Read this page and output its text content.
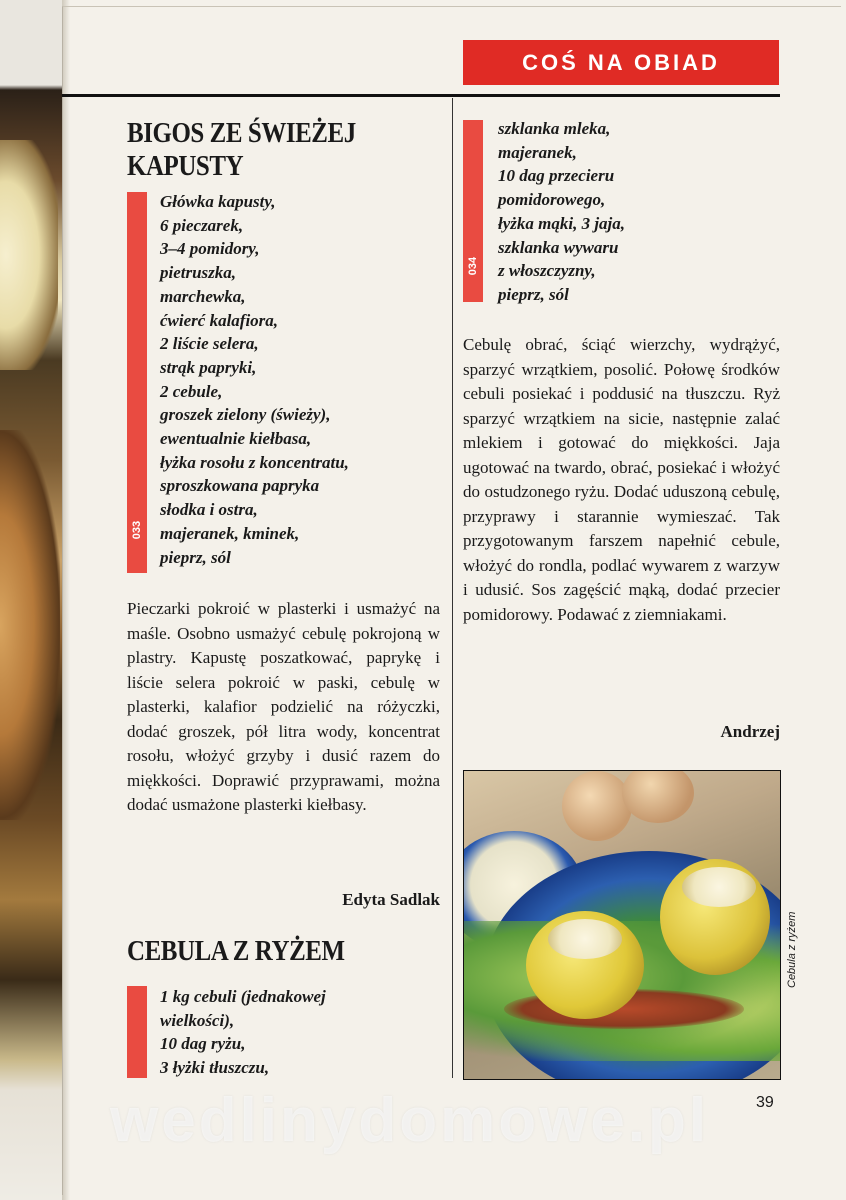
COŚ NA OBIAD
BIGOS ZE ŚWIEŻEJ
KAPUSTY
033
Główka kapusty,
6 pieczarek,
3–4 pomidory,
pietruszka,
marchewka,
ćwierć kalafiora,
2 liście selera,
strąk papryki,
2 cebule,
groszek zielony (świeży),
ewentualnie kiełbasa,
łyżka rosołu z koncentratu,
sproszkowana papryka
słodka i ostra,
majeranek, kminek,
pieprz, sól

Pieczarki pokroić w plasterki i usmażyć na maśle. Osobno usmażyć cebulę pokrojoną w plastry. Kapustę poszatkować, paprykę i liście selera pokroić w paski, cebulę w plasterki, kalafior podzielić na różyczki, dodać groszek, pół litra wody, koncentrat rosołu, włożyć grzyby i dusić razem do miękkości. Doprawić przyprawami, można dodać usmażone plasterki kiełbasy.

Edyta Sadlak
CEBULA Z RYŻEM
1 kg cebuli (jednakowej
wielkości),
10 dag ryżu,
3 łyżki tłuszczu,
034
szklanka mleka,
majeranek,
10 dag przecieru
pomidorowego,
łyżka mąki, 3 jaja,
szklanka wywaru
z włoszczyzny,
pieprz, sól

Cebulę obrać, ściąć wierzchy, wydrążyć, sparzyć wrzątkiem, posolić. Połowę środków cebuli posiekać i poddusić na tłuszczu. Ryż sparzyć wrzątkiem na sicie, następnie zalać mlekiem i gotować do miękkości. Jaja ugotować na twardo, obrać, posiekać i włożyć do ostudzonego ryżu. Dodać uduszoną cebulę, przyprawy i starannie wymieszać. Tak przygotowanym farszem napełnić cebule, włożyć do rondla, podlać wywarem z warzyw i udusić. Sos zagęścić mąką, dodać przecier pomidorowy. Podawać z ziemniakami.

Andrzej
Cebula z ryżem
39
wedlinydomowe.pl
